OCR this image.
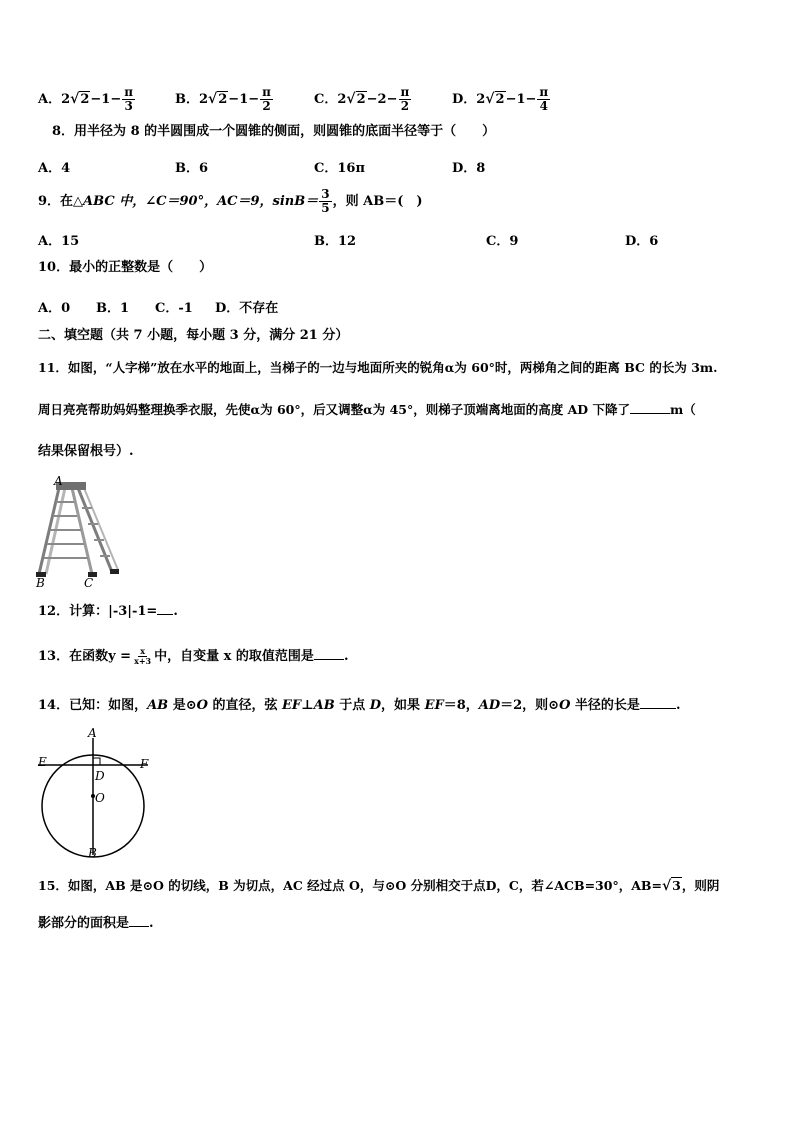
A．$2√2-1- \frac{\pi}{3}$	B．$2√2-1- \frac{\pi}{2}$	C．$2√2-2- \frac{\pi}{2}$	D．$2√2-1- \frac{\pi}{4}$
8．用半径为 8 的半圆围成一个圆锥的侧面，则圆锥的底面半径等于（　　）
A．4	B．6	C．16π	D．8
9．在△ABC 中，∠C＝90°，AC＝9，$\sin B= \frac{3}{5}$ ，则 AB＝(　)
A．15	B．12	C．9	D．6
10．最小的正整数是（　　）
A．0 B．1 C．-1 D．不存在
二、填空题（共 7 小题，每小题 3 分，满分 21 分）
11．如图，“人字梯”放在水平的地面上，当梯子的一边与地面所夹的锐角α为 60°时，两梯角之间的距离 BC 的长为 3m.
周日亮亮帮助妈妈整理换季衣服，先使α为 60°，后又调整α为 45°，则梯子顶端离地面的高度 AD 下降了	m（
结果保留根号）.
A
B	C
12．计算：|-3|-1= .
13．在函数$y = \frac{x}{x+3}$ 中，自变量 x 的取值范围是 .
14．已知：如图，AB 是⊙O 的直径，弦 EF⊥AB 于点 D，如果 EF＝8，AD＝2，则⊙O 半径的长是	.
A
E	F
D
O
B
15．如图，AB 是⊙O 的切线，B 为切点，AC 经过点 O，与⊙O 分别相交于点D，C，若∠ACB=30°，AB=√3，则阴
影部分的面积是 .
